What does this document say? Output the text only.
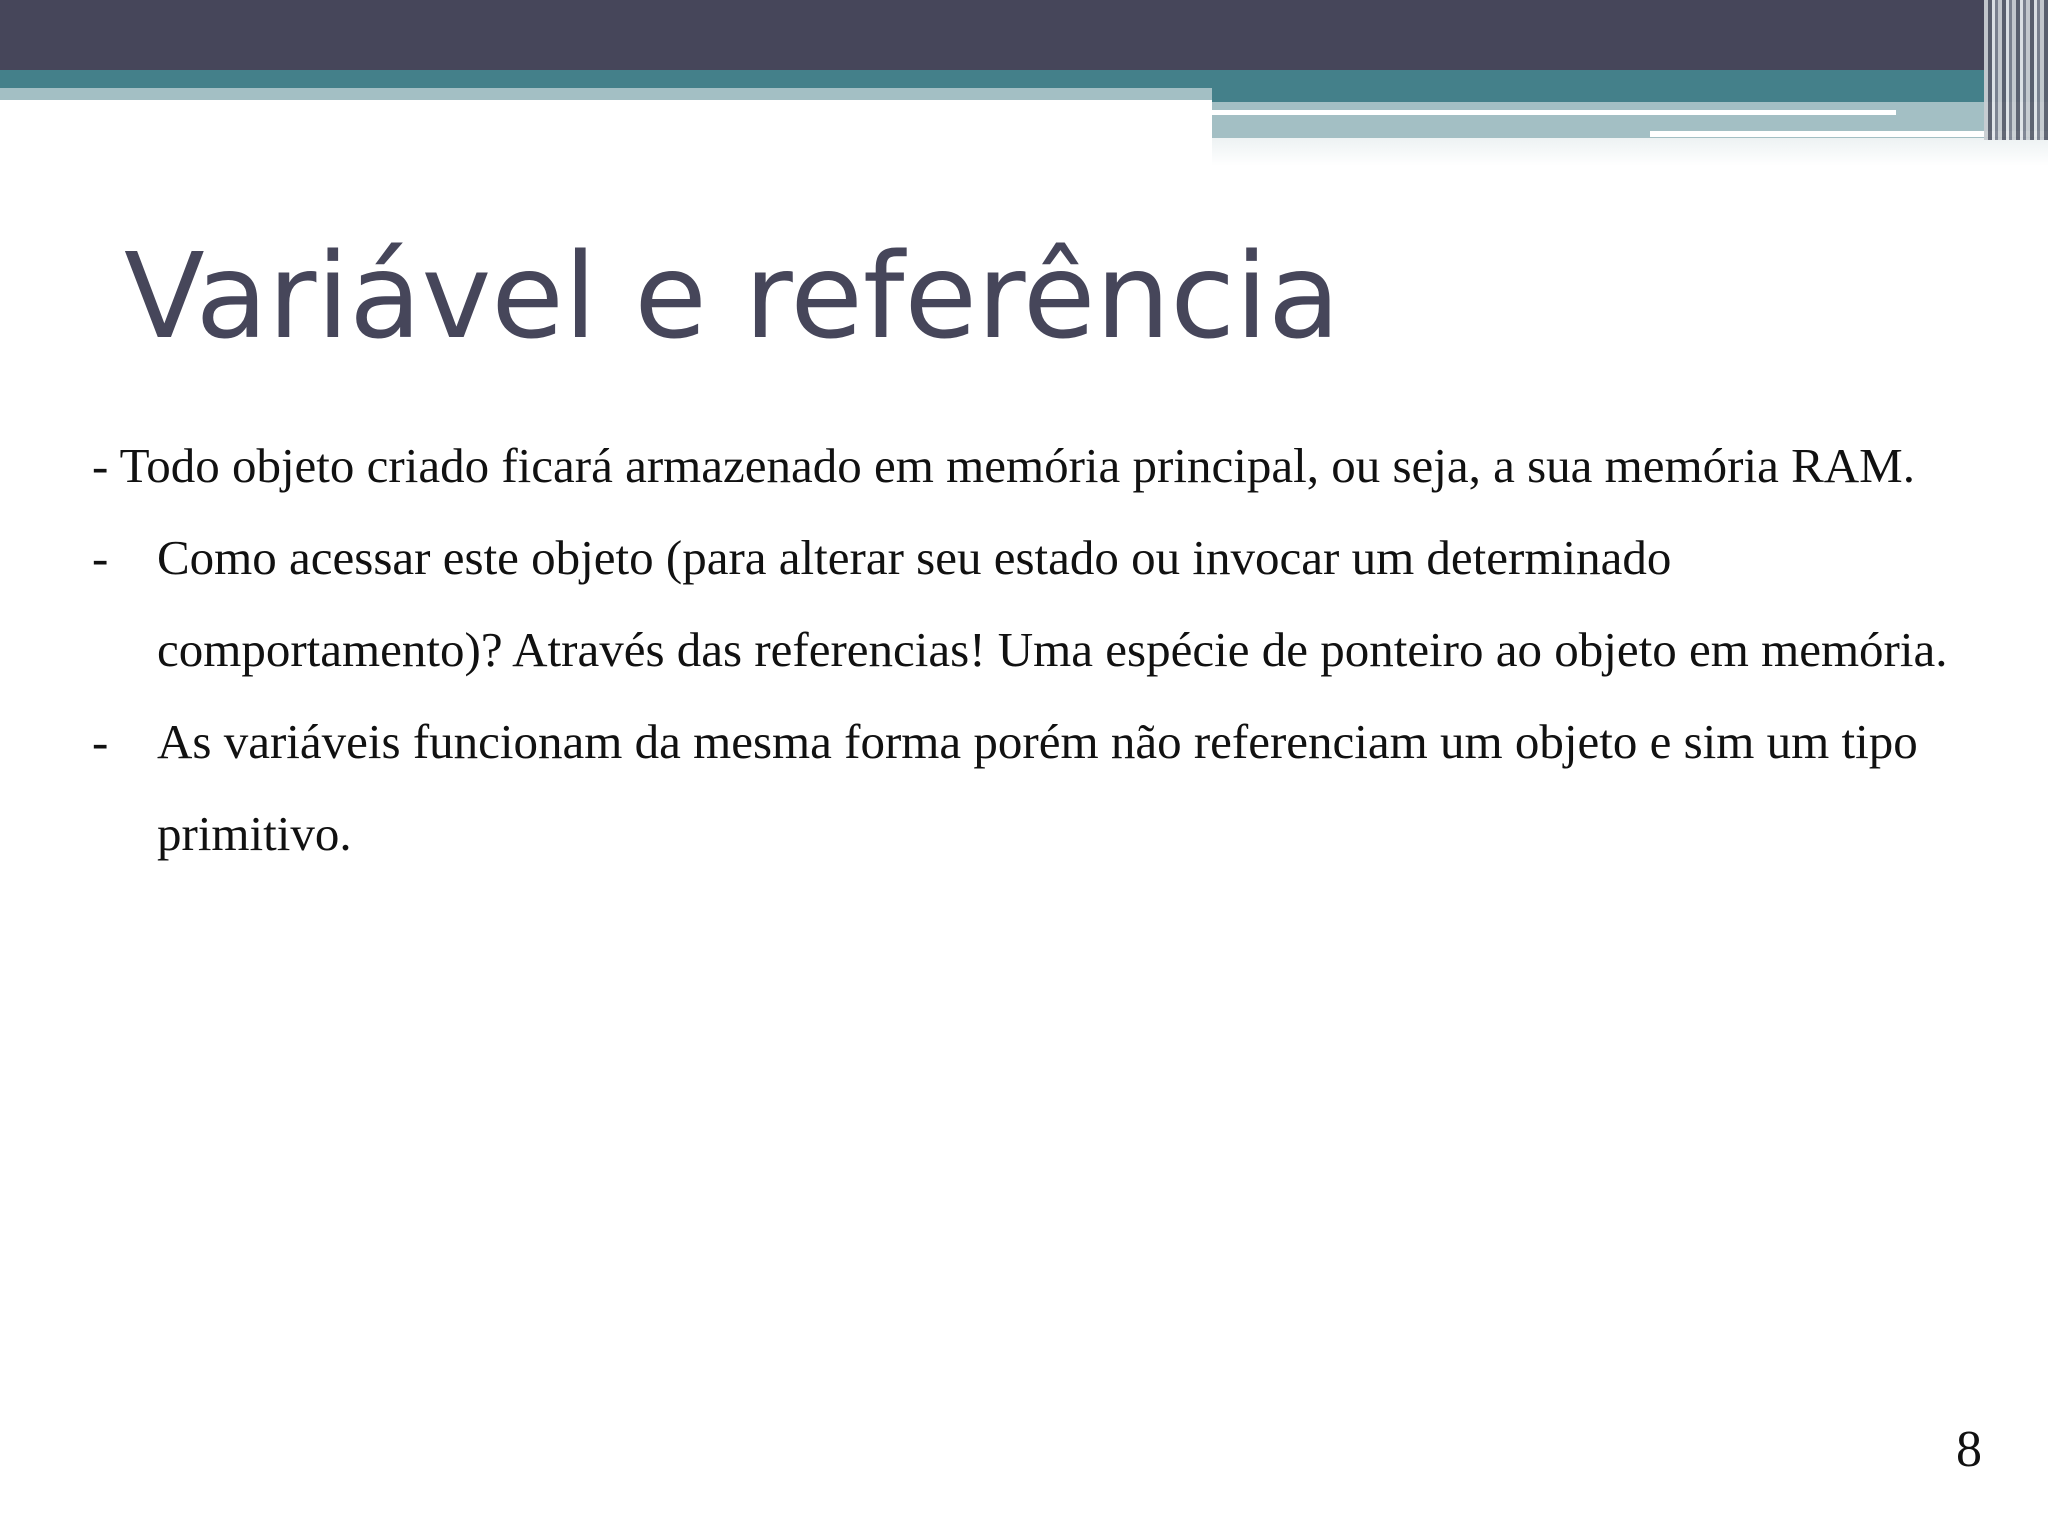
Variável e referência

- Todo objeto criado ficará armazenado em memória principal, ou seja, a sua memória RAM.

- Como acessar este objeto (para alterar seu estado ou invocar um determinado comportamento)? Através das referencias! Uma espécie de ponteiro ao objeto em memória.
- As variáveis funcionam da mesma forma porém não referenciam um objeto e sim um tipo primitivo.
8
